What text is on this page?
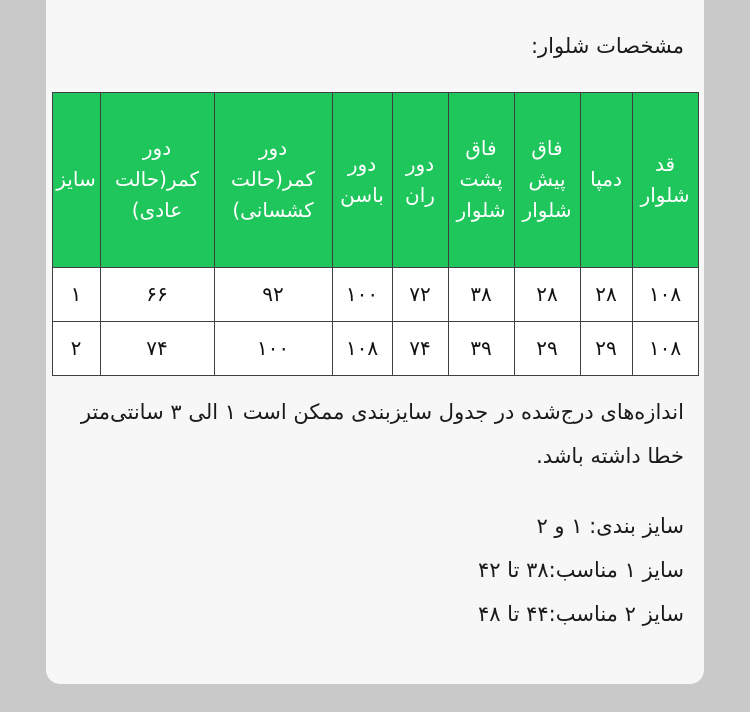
مشخصات شلوار:
قد شلوار	دمپا	فاق پیش شلوار	فاق پشت شلوار	دور ران	دور باسن	دور کمر(حالت کشسانی)	دور کمر(حالت عادی)	سایز
۱۰۸	۲۸	۲۸	۳۸	۷۲	۱۰۰	۹۲	۶۶	۱
۱۰۸	۲۹	۲۹	۳۹	۷۴	۱۰۸	۱۰۰	۷۴	۲
اندازه‌های درج‌شده در جدول سایزبندی ممکن است ۱ الی ۳ سانتی‌متر خطا داشته باشد.
سایز بندی: ۱ و ۲
سایز ۱ مناسب:۳۸ تا ۴۲
سایز ۲ مناسب:۴۴ تا ۴۸
